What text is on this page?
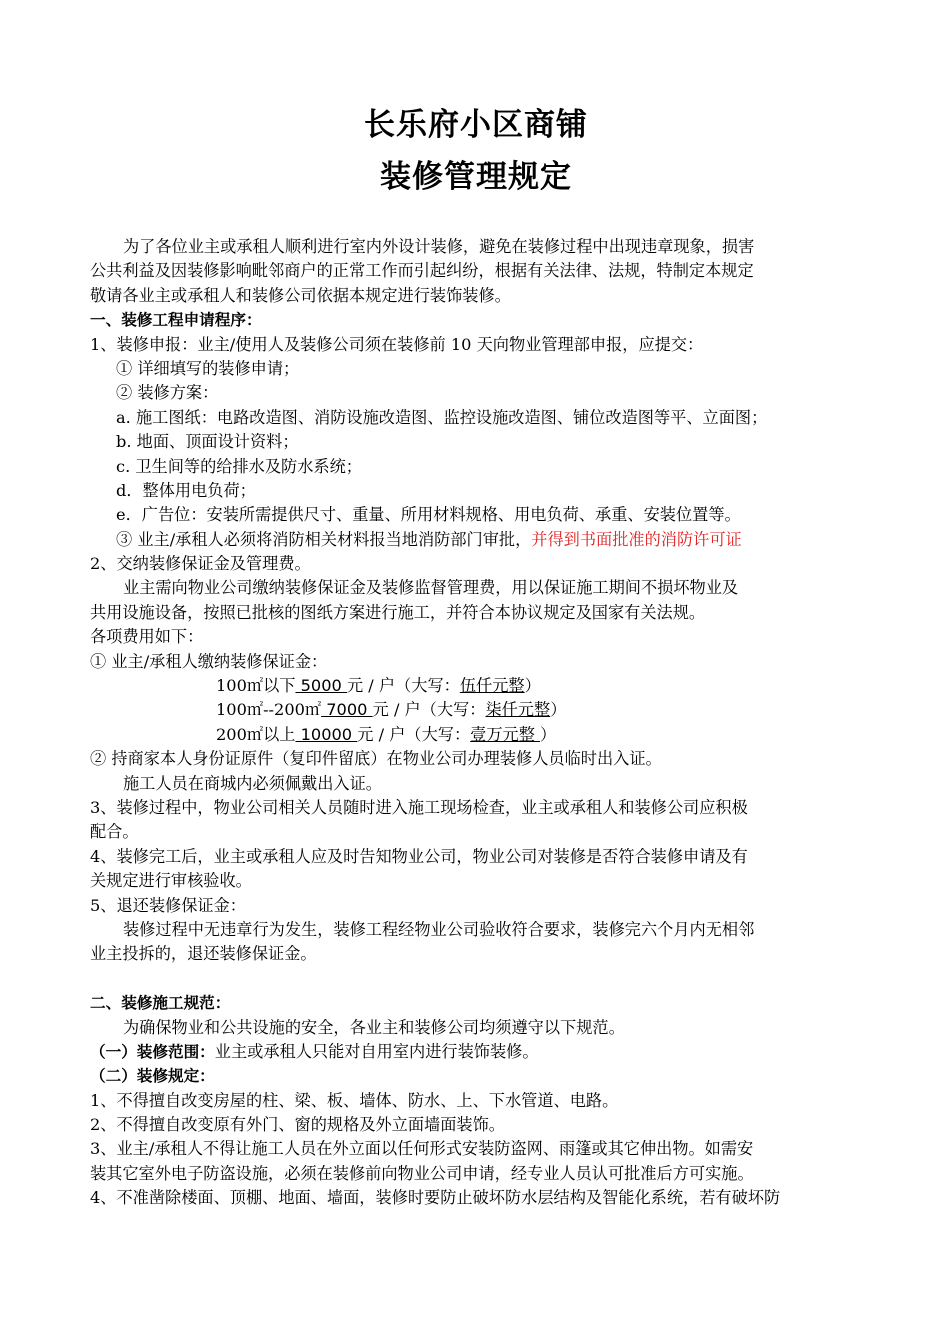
长乐府小区商铺
装修管理规定
为了各位业主或承租人顺利进行室内外设计装修，避免在装修过程中出现违章现象，损害
公共利益及因装修影响毗邻商户的正常工作而引起纠纷，根据有关法律、法规，特制定本规定
敬请各业主或承租人和装修公司依据本规定进行装饰装修。
一、装修工程申请程序：
1、装修申报：业主/使用人及装修公司须在装修前 10 天向物业管理部申报，应提交：
① 详细填写的装修申请；
② 装修方案：
a. 施工图纸：电路改造图、消防设施改造图、监控设施改造图、铺位改造图等平、立面图；
b. 地面、顶面设计资料；
c. 卫生间等的给排水及防水系统；
d．整体用电负荷；
e．广告位：安装所需提供尺寸、重量、所用材料规格、用电负荷、承重、安装位置等。
③ 业主/承租人必须将消防相关材料报当地消防部门审批，并得到书面批准的消防许可证
2、交纳装修保证金及管理费。
业主需向物业公司缴纳装修保证金及装修监督管理费，用以保证施工期间不损坏物业及
共用设施设备，按照已批核的图纸方案进行施工，并符合本协议规定及国家有关法规。
各项费用如下：
① 业主/承租人缴纳装修保证金：
100㎡以下 5000 元 / 户（大写：伍仟元整）
100㎡--200㎡ 7000 元 / 户（大写：柒仟元整）
200㎡以上 10000 元 / 户（大写：壹万元整 ）
② 持商家本人身份证原件（复印件留底）在物业公司办理装修人员临时出入证。
施工人员在商城内必须佩戴出入证。
3、装修过程中，物业公司相关人员随时进入施工现场检查，业主或承租人和装修公司应积极
配合。
4、装修完工后，业主或承租人应及时告知物业公司，物业公司对装修是否符合装修申请及有
关规定进行审核验收。
5、退还装修保证金：
装修过程中无违章行为发生，装修工程经物业公司验收符合要求，装修完六个月内无相邻
业主投拆的，退还装修保证金。
二、装修施工规范：
为确保物业和公共设施的安全，各业主和装修公司均须遵守以下规范。
（一）装修范围：业主或承租人只能对自用室内进行装饰装修。
（二）装修规定：
1、不得擅自改变房屋的柱、梁、板、墙体、防水、上、下水管道、电路。
2、不得擅自改变原有外门、窗的规格及外立面墙面装饰。
3、业主/承租人不得让施工人员在外立面以任何形式安装防盗网、雨篷或其它伸出物。如需安
装其它室外电子防盗设施，必须在装修前向物业公司申请，经专业人员认可批准后方可实施。
4、不准凿除楼面、顶棚、地面、墙面，装修时要防止破坏防水层结构及智能化系统，若有破坏防
